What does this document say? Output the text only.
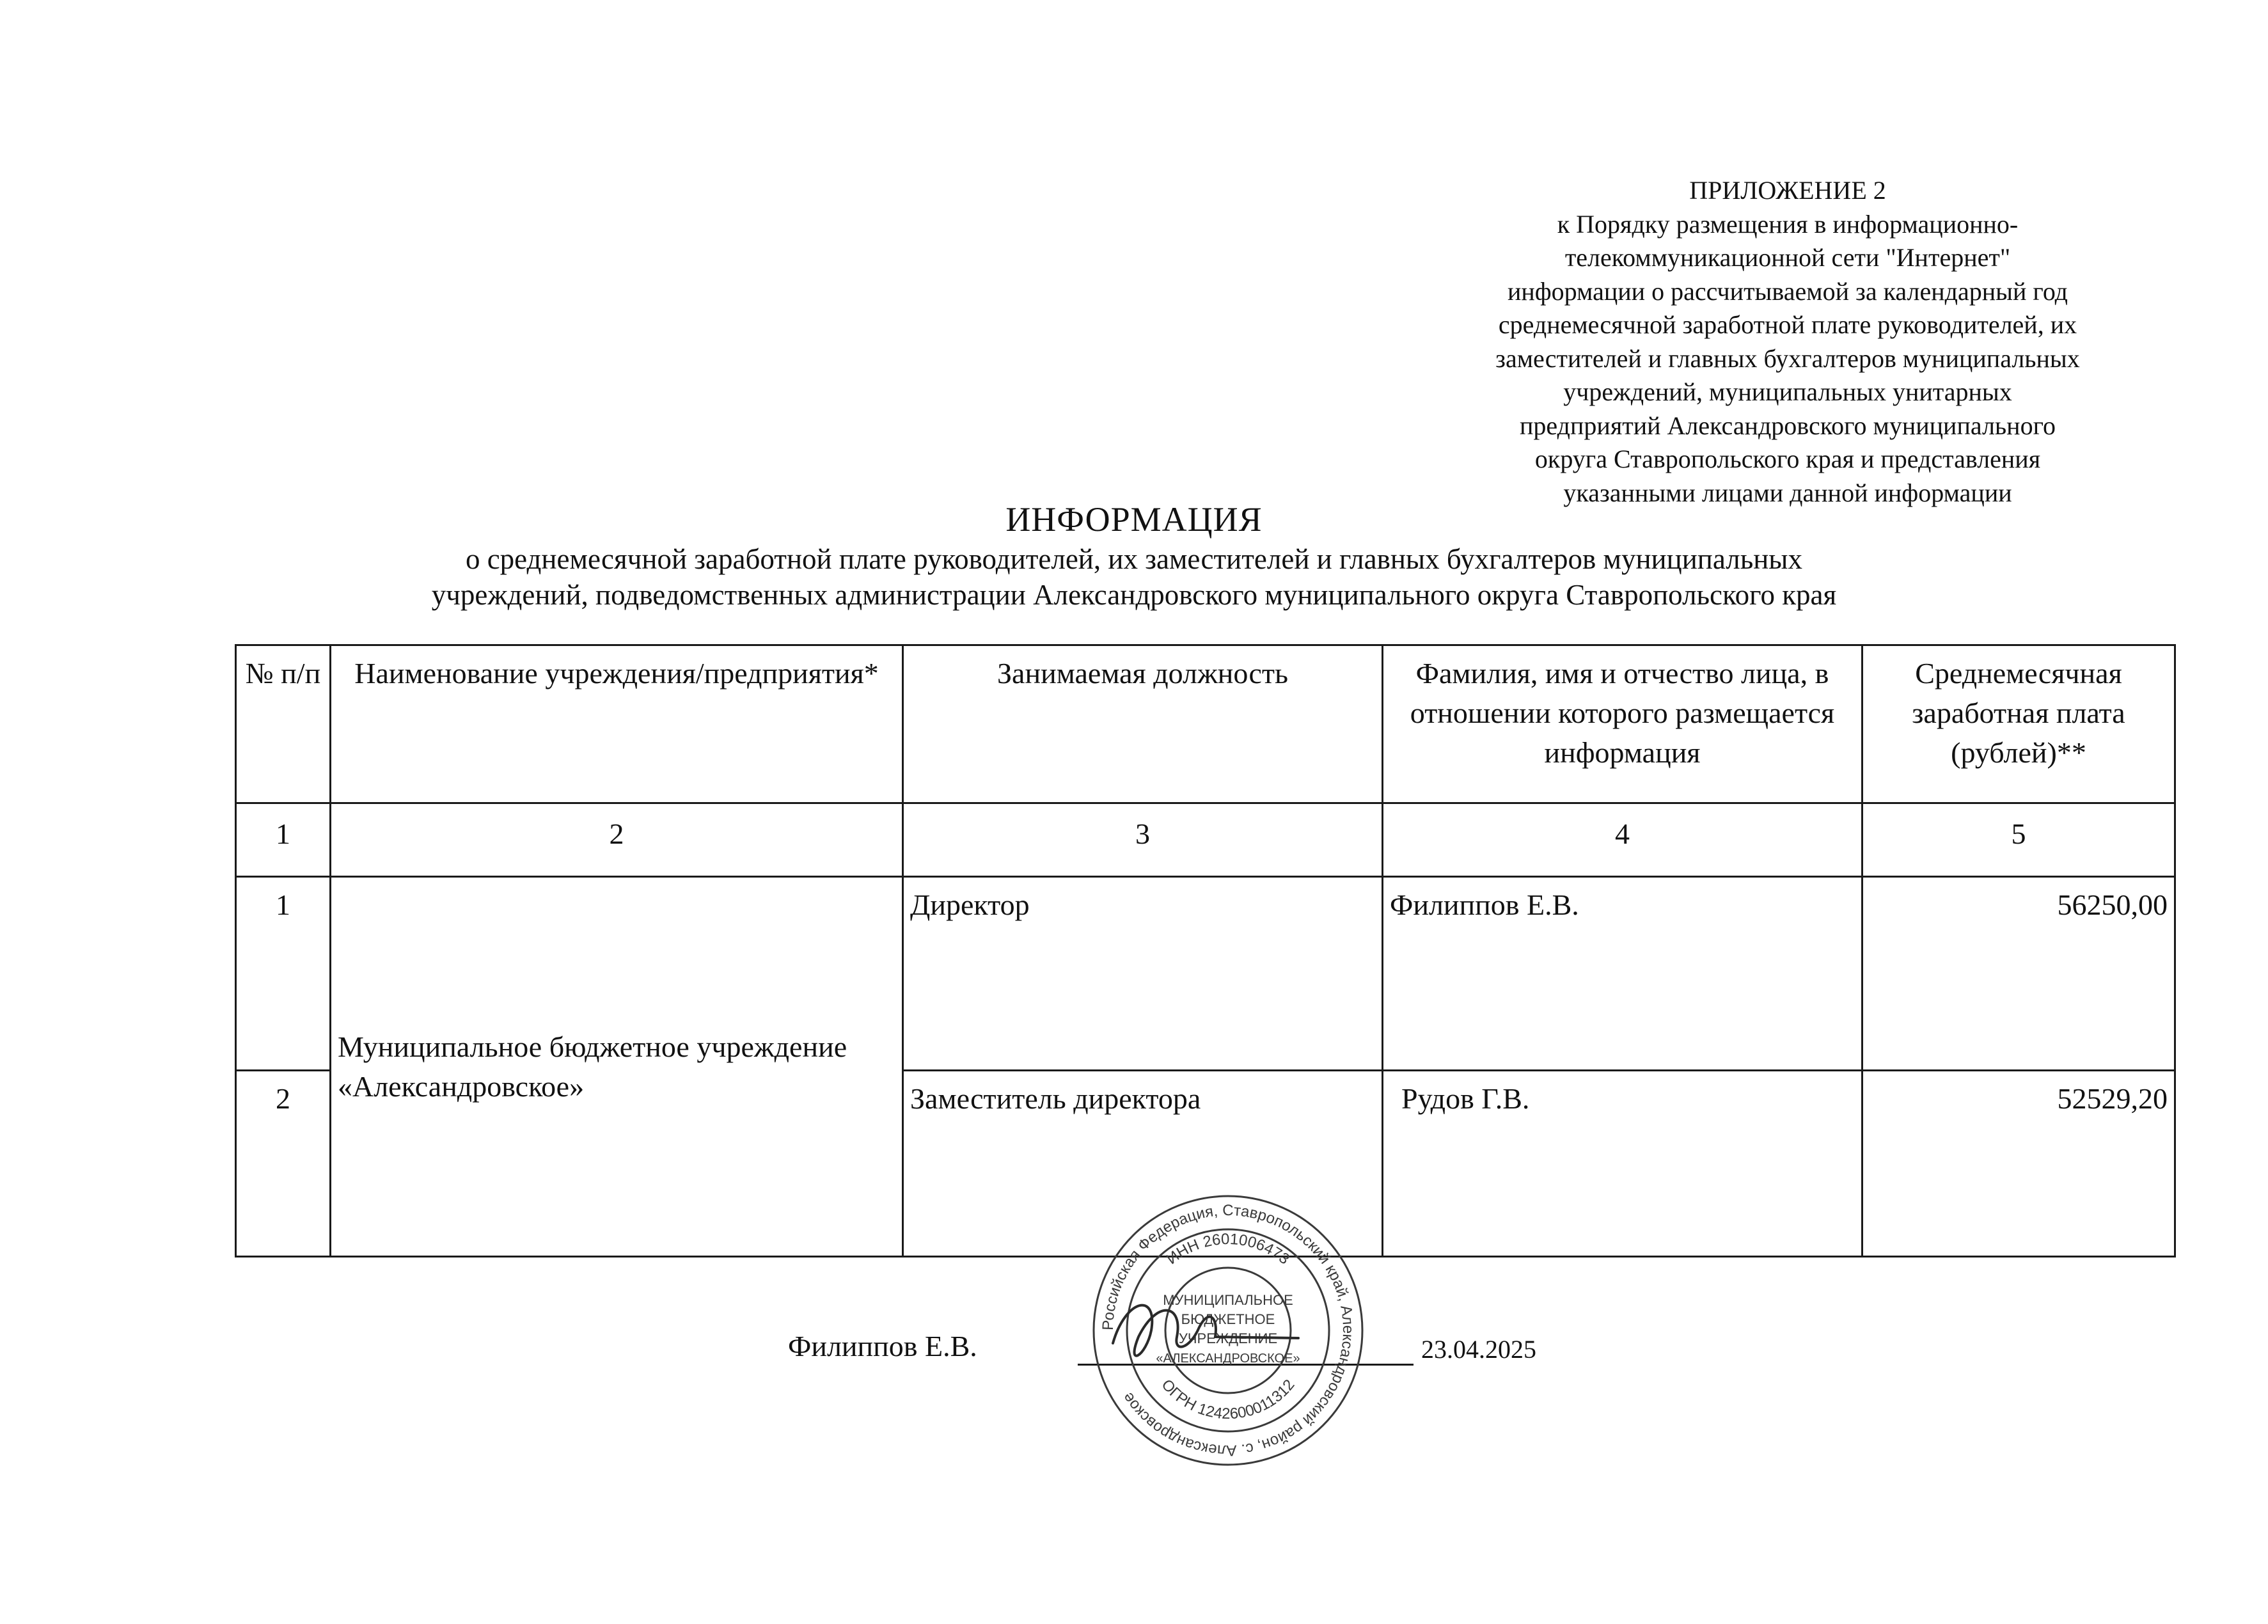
ПРИЛОЖЕНИЕ 2
к Порядку размещения в информационно-
телекоммуникационной сети "Интернет"
информации о рассчитываемой за календарный год
среднемесячной заработной плате руководителей, их
заместителей и главных бухгалтеров муниципальных
учреждений, муниципальных унитарных
предприятий Александровского муниципального
округа Ставропольского края и представления
указанными лицами данной информации
ИНФОРМАЦИЯ
о среднемесячной заработной плате руководителей, их заместителей и главных бухгалтеров муниципальных
учреждений, подведомственных администрации Александровского муниципального округа Ставропольского края
№ п/п	Наименование учреждения/предприятия*	Занимаемая должность	Фамилия, имя и отчество лица, в отношении которого размещается информация	Среднемесячная заработная плата (рублей)**
1	2	3	4	5
1	Муниципальное бюджетное учреждение «Александровское»	Директор	Филиппов Е.В.	56250,00
2		Заместитель директора	Рудов Г.В.	52529,20
Филиппов Е.В.	23.04.2025
Российская Федерация, Ставропольский край, Александровский район, с. Александровское
ИНН 2601006473
ОГРН 1242600011312
МУНИЦИПАЛЬНОЕ
БЮДЖЕТНОЕ
УЧРЕЖДЕНИЕ
«АЛЕКСАНДРОВСКОЕ»
